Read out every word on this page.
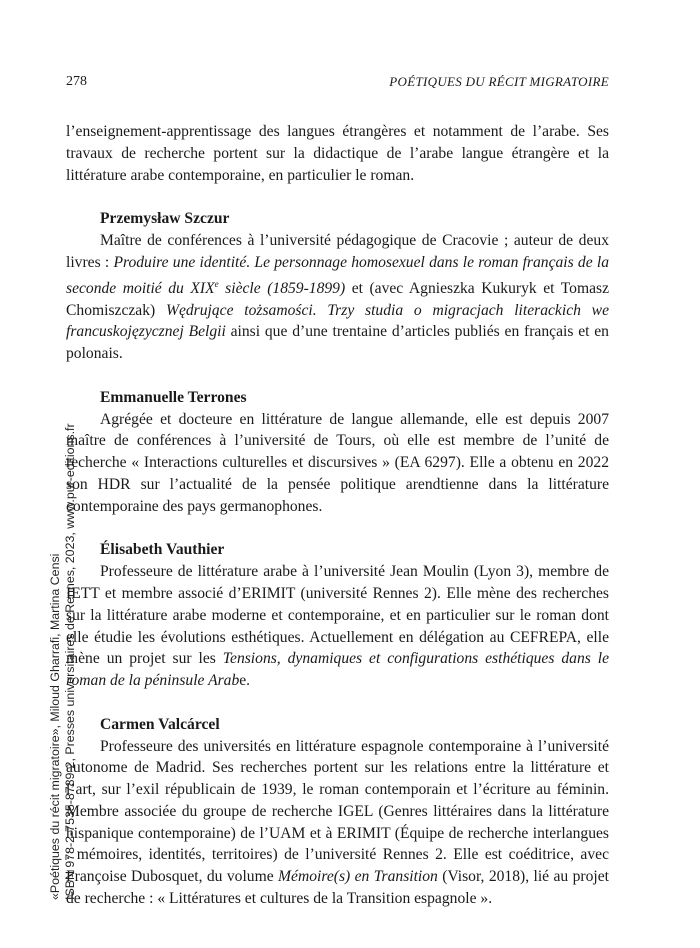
278	POÉTIQUES DU RÉCIT MIGRATOIRE

l’enseignement-apprentissage des langues étrangères et notamment de l’arabe. Ses travaux de recherche portent sur la didactique de l’arabe langue étrangère et la littérature arabe contemporaine, en particulier le roman.

Przemysław Szczur

Maître de conférences à l’université pédagogique de Cracovie ; auteur de deux livres : Produire une identité. Le personnage homosexuel dans le roman français de la seconde moitié du XIXe siècle (1859-1899) et (avec Agnieszka Kukuryk et Tomasz Chomiszczak) Wędrujące tożsamości. Trzy studia o migracjach literackich we francuskojęzycznej Belgii ainsi que d’une trentaine d’articles publiés en français et en polonais.

Emmanuelle Terrones

Agrégée et docteure en littérature de langue allemande, elle est depuis 2007 maître de conférences à l’université de Tours, où elle est membre de l’unité de recherche « Interactions culturelles et discursives » (EA 6297). Elle a obtenu en 2022 son HDR sur l’actualité de la pensée politique arendtienne dans la littérature contemporaine des pays germanophones.

Élisabeth Vauthier

Professeure de littérature arabe à l’université Jean Moulin (Lyon 3), membre de IETT et membre associé d’ERIMIT (université Rennes 2). Elle mène des recherches sur la littérature arabe moderne et contemporaine, et en particulier sur le roman dont elle étudie les évolutions esthétiques. Actuellement en délégation au CEFREPA, elle mène un projet sur les Tensions, dynamiques et configurations esthétiques dans le roman de la péninsule Arabe.

Carmen Valcárcel

Professeure des universités en littérature espagnole contemporaine à l’université autonome de Madrid. Ses recherches portent sur les relations entre la littérature et l’art, sur l’exil républicain de 1939, le roman contemporain et l’écriture au féminin. Membre associée du groupe de recherche IGEL (Genres littéraires dans la littérature hispanique contemporaine) de l’UAM et à ERIMIT (Équipe de recherche interlangues : mémoires, identités, territoires) de l’université Rennes 2. Elle est coéditrice, avec Françoise Dubosquet, du volume Mémoire(s) en Transition (Visor, 2018), lié au projet de recherche : « Littératures et cultures de la Transition espagnole ».

«Poétiques du récit migratoire», Miloud Gharrafi, Martina Censi ISBN 978-2-7535-8789-2, Presses universitaires de Rennes, 2023, www.pur-editions.fr
